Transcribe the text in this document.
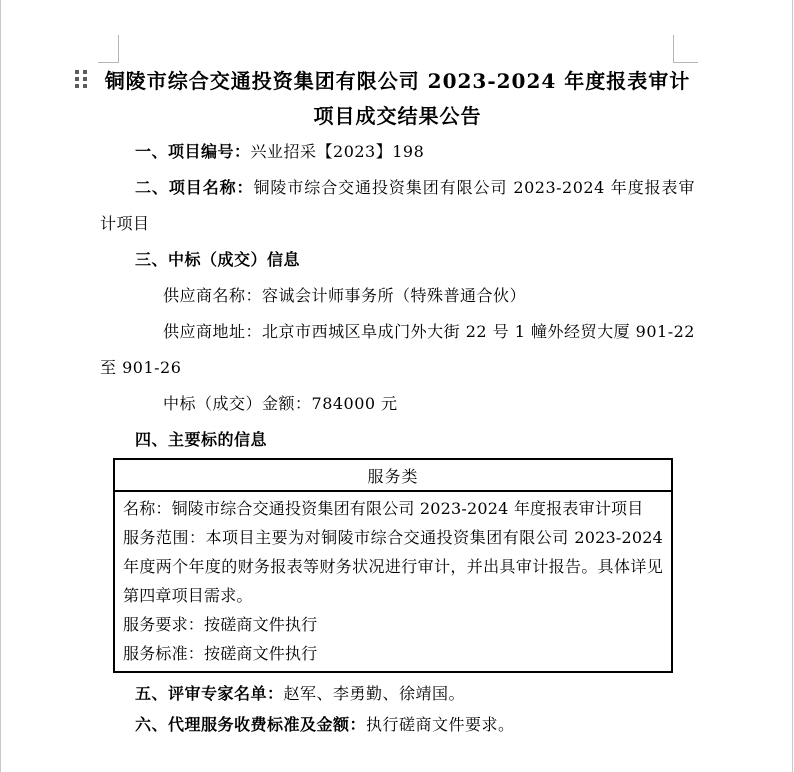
铜陵市综合交通投资集团有限公司 2023-2024 年度报表审计
项目成交结果公告

一、项目编号：兴业招采【2023】198

二、项目名称：铜陵市综合交通投资集团有限公司 2023-2024 年度报表审计项目

三、中标（成交）信息

供应商名称：容诚会计师事务所（特殊普通合伙）

供应商地址：北京市西城区阜成门外大街 22 号 1 幢外经贸大厦 901-22 至 901-26

中标（成交）金额：784000 元

四、主要标的信息

服务类

名称：铜陵市综合交通投资集团有限公司 2023-2024 年度报表审计项目

服务范围：本项目主要为对铜陵市综合交通投资集团有限公司 2023-2024 年度两个年度的财务报表等财务状况进行审计，并出具审计报告。具体详见第四章项目需求。

服务要求：按磋商文件执行

服务标准：按磋商文件执行

五、评审专家名单：赵军、李勇勤、徐靖国。

六、代理服务收费标准及金额：执行磋商文件要求。
